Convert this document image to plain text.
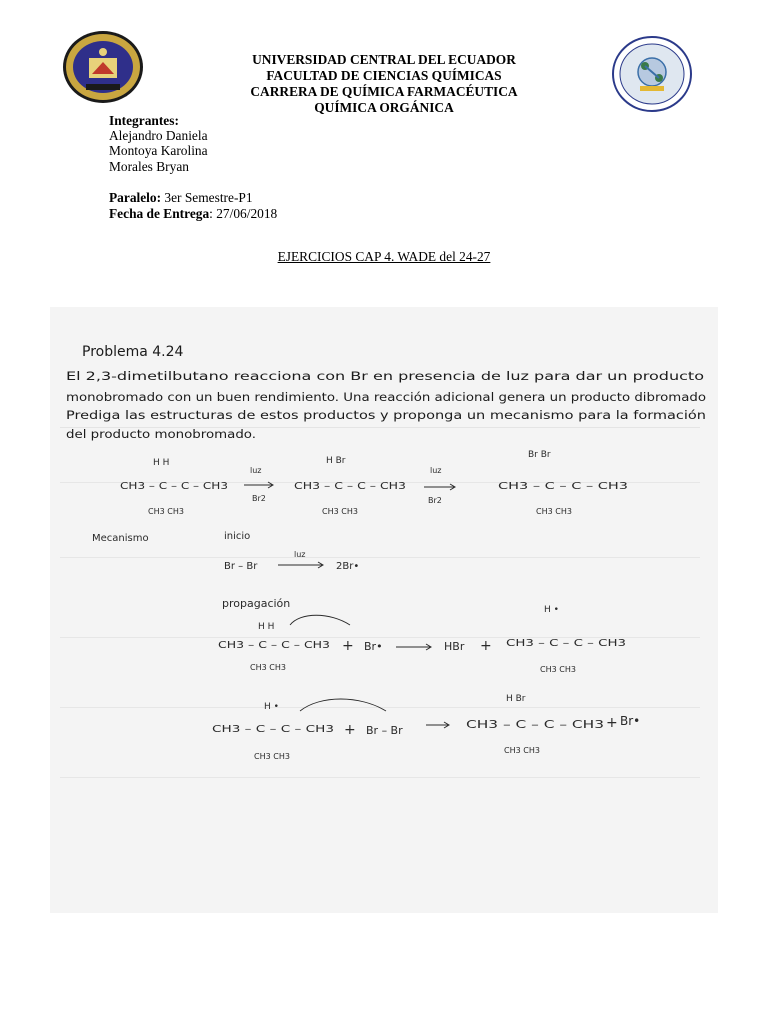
UNIVERSIDAD CENTRAL DEL ECUADOR
FACULTAD DE CIENCIAS QUÍMICAS
CARRERA DE QUÍMICA FARMACÉUTICA
QUÍMICA ORGÁNICA
Integrantes:
Alejandro Daniela
Montoya Karolina
Morales Bryan
Paralelo: 3er Semestre-P1
Fecha de Entrega: 27/06/2018
EJERCICIOS CAP 4. WADE del 24-27
Problema 4.24
El 2,3-dimetilbutano reacciona con Br en presencia de luz para dar un producto
monobromado con un buen rendimiento. Una reacción adicional genera un producto dibromado
Prediga las estructuras de estos productos y proponga un mecanismo para la formación
del producto monobromado.
H H
CH3 – C – C – CH3
CH3 CH3
luz
Br2
H Br
CH3 – C – C – CH3
CH3 CH3
luz
Br2
Br Br
CH3 – C – C – CH3
CH3 CH3
Mecanismo	inicio
Br – Br
luz
2Br•
propagación
H H
CH3 – C – C – CH3
CH3 CH3
+ Br•	HBr +
H •
CH3 – C – C – CH3
CH3 CH3
H •
CH3 – C – C – CH3
CH3 CH3
+ Br – Br
H Br
CH3 – C – C – CH3
CH3 CH3
+ Br•
